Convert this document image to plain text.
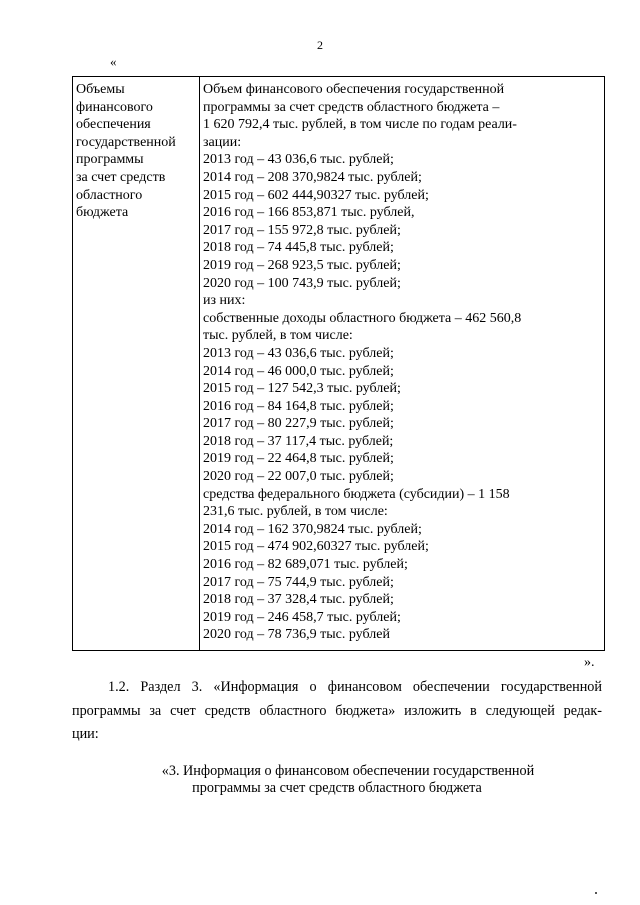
2
«
Объемы
финансового
обеспечения
государственной
программы
за счет средств
областного
бюджета

Объем финансового обеспечения государственной
программы за счет средств областного бюджета –
1 620 792,4 тыс. рублей, в том числе по годам реали-
зации:
2013 год – 43 036,6 тыс. рублей;
2014 год – 208 370,9824 тыс. рублей;
2015 год – 602 444,90327 тыс. рублей;
2016 год – 166 853,871 тыс. рублей,
2017 год – 155 972,8 тыс. рублей;
2018 год – 74 445,8 тыс. рублей;
2019 год – 268 923,5 тыс. рублей;
2020 год – 100 743,9 тыс. рублей;
из них:
собственные доходы областного бюджета – 462 560,8
тыс. рублей, в том числе:
2013 год – 43 036,6 тыс. рублей;
2014 год – 46 000,0 тыс. рублей;
2015 год – 127 542,3 тыс. рублей;
2016 год – 84 164,8 тыс. рублей;
2017 год – 80 227,9 тыс. рублей;
2018 год – 37 117,4 тыс. рублей;
2019 год – 22 464,8 тыс. рублей;
2020 год – 22 007,0 тыс. рублей;
средства федерального бюджета (субсидии) – 1 158
231,6 тыс. рублей, в том числе:
2014 год – 162 370,9824 тыс. рублей;
2015 год – 474 902,60327 тыс. рублей;
2016 год – 82 689,071 тыс. рублей;
2017 год – 75 744,9 тыс. рублей;
2018 год – 37 328,4 тыс. рублей;
2019 год – 246 458,7 тыс. рублей;
2020 год – 78 736,9 тыс. рублей
».
1.2. Раздел 3. «Информация о финансовом обеспечении государственной
программы за счет средств областного бюджета» изложить в следующей редак-
ции:
«3. Информация о финансовом обеспечении государственной
программы за счет средств областного бюджета
